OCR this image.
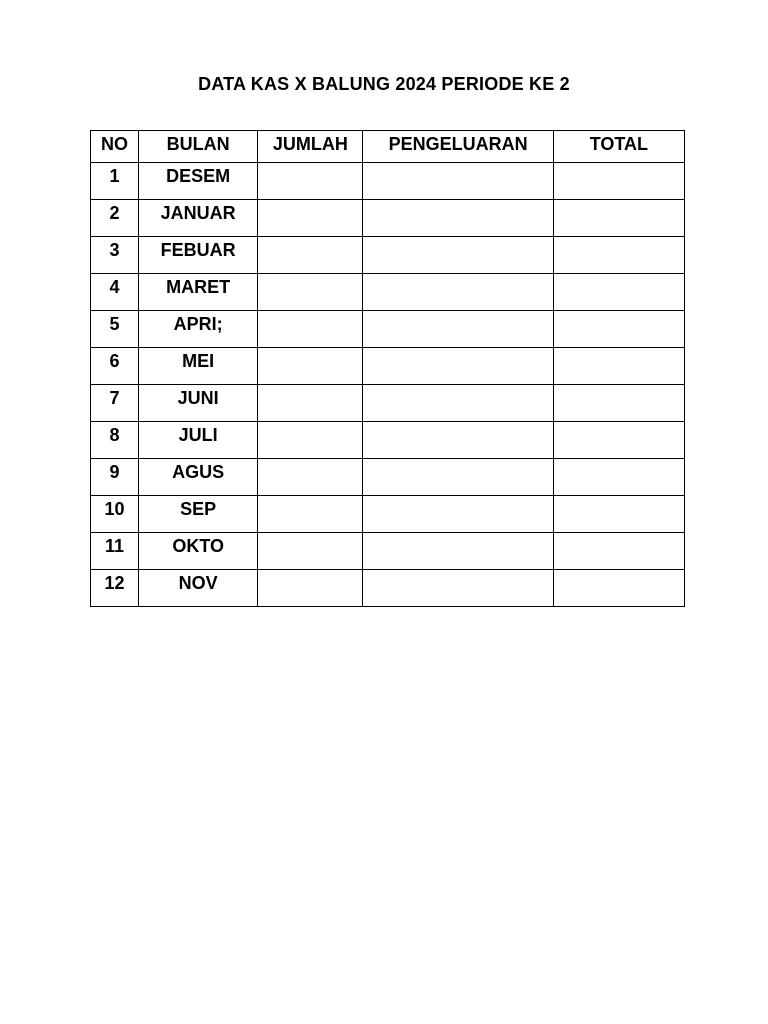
DATA KAS X BALUNG 2024 PERIODE KE 2
NO	BULAN	JUMLAH	PENGELUARAN	TOTAL
1	DESEM			
2	JANUAR			
3	FEBUAR			
4	MARET			
5	APRI;			
6	MEI			
7	JUNI			
8	JULI			
9	AGUS			
10	SEP			
11	OKTO			
12	NOV			
